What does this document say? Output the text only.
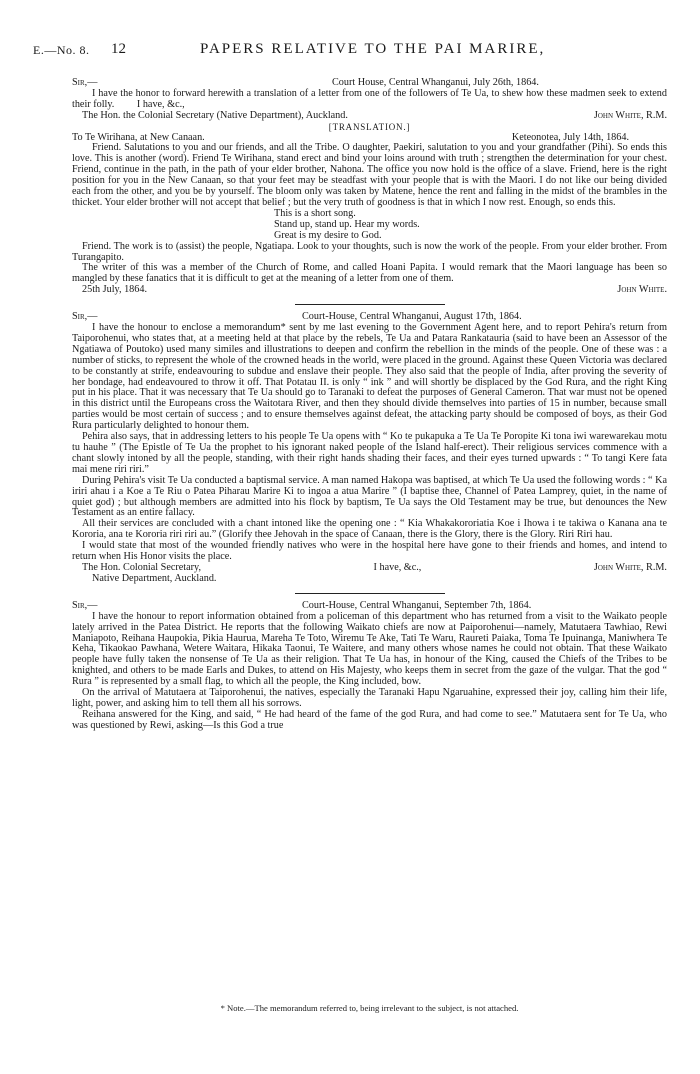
E.—No. 8. 12	PAPERS RELATIVE TO THE PAI MARIRE,
Sir,—	Court House, Central Whanganui, July 26th, 1864.

I have the honor to forward herewith a translation of a letter from one of the followers of Te Ua, to shew how these madmen seek to extend their folly. I have, &c.,

The Hon. the Colonial Secretary (Native Department), Auckland.	John White, R.M.
[TRANSLATION.]
To Te Wirihana, at New Canaan.	Keteonotea, July 14th, 1864.

Friend. Salutations to you and our friends, and all the Tribe. O daughter, Paekiri, salutation to you and your grandfather (Pihi). So ends this love. This is another (word). Friend Te Wirihana, stand erect and bind your loins around with truth ; strengthen the determination for your chest. Friend, continue in the path, in the path of your elder brother, Nahona. The office you now hold is the office of a slave. Friend, here is the right position for you in the New Canaan, so that your feet may be steadfast with your people that is with the Maori. I do not like our being divided each from the other, and you be by yourself. The bloom only was taken by Matene, hence the rent and falling in the midst of the brambles in the thicket. Your elder brother will not accept that belief ; but the very truth of goodness is that in which I now rest. Enough, so ends this.

This is a short song.
Stand up, stand up. Hear my words.
Great is my desire to God.

Friend. The work is to (assist) the people, Ngatiapa. Look to your thoughts, such is now the work of the people. From your elder brother. From Turangapito.

The writer of this was a member of the Church of Rome, and called Hoani Papita. I would remark that the Maori language has been so mangled by these fanatics that it is difficult to get at the meaning of a letter from one of them.

25th July, 1864.	John White.
Sir,—	Court-House, Central Whanganui, August 17th, 1864.

I have the honour to enclose a memorandum* sent by me last evening to the Government Agent here, and to report Pehira's return from Taiporohenui, who states that, at a meeting held at that place by the rebels, Te Ua and Patara Rankatauria (said to have been an Assessor of the Ngatiawa of Poutoko) used many similes and illustrations to deepen and confirm the rebellion in the minds of the people. One of these was : a number of sticks, to represent the whole of the crowned heads in the world, were placed in the ground. Against these Queen Victoria was declared to be constantly at strife, endeavouring to subdue and enslave their people. They also said that the people of India, after proving the severity of her bondage, had endeavoured to throw it off. That Potatau II. is only “ ink ” and will shortly be displaced by the God Rura, and the right King put in his place. That it was necessary that Te Ua should go to Taranaki to defeat the purposes of General Cameron. That war must not be opened in this district until the Europeans cross the Waitotara River, and then they should divide themselves into parties of 15 in number, because small parties would be most certain of success ; and to ensure themselves against defeat, the attacking party should be composed of boys, as their God Rura particularly delighted to honour them.

Pehira also says, that in addressing letters to his people Te Ua opens with “ Ko te pukapuka a Te Ua Te Poropite Ki tona iwi warewarekau motu tu hauhe ” (The Epistle of Te Ua the prophet to his ignorant naked people of the Island half-erect). Their religious services commence with a chant slowly intoned by all the people, standing, with their right hands shading their faces, and their eyes turned upwards : “ To tangi Kere fata mai mene riri riri.”

During Pehira's visit Te Ua conducted a baptismal service. A man named Hakopa was baptised, at which Te Ua used the following words : “ Ka iriri ahau i a Koe a Te Riu o Patea Piharau Marire Ki to ingoa a atua Marire ” (I baptise thee, Channel of Patea Lamprey, quiet, in the name of quiet god) ; but although members are admitted into his flock by baptism, Te Ua says the Old Testament may be true, but denounces the New Testament as an entire fallacy.

All their services are concluded with a chant intoned like the opening one : “ Kia Whakakororiatia Koe i Ihowa i te takiwa o Kanana ana te Kororia, ana te Kororia riri riri au.” (Glorify thee Jehovah in the space of Canaan, there is the Glory, there is the Glory. Riri Riri hau.

I would state that most of the wounded friendly natives who were in the hospital here have gone to their friends and homes, and intend to return when His Honor visits the place.

The Hon. Colonial Secretary,	I have, &c.,	John White, R.M.
Native Department, Auckland.
Sir,—	Court-House, Central Whanganui, September 7th, 1864.

I have the honour to report information obtained from a policeman of this department who has returned from a visit to the Waikato people lately arrived in the Patea District. He reports that the following Waikato chiefs are now at Paiporohenui—namely, Matutaera Tawhiao, Rewi Maniapoto, Reihana Haupokia, Pikia Haurua, Mareha Te Toto, Wiremu Te Ake, Tati Te Waru, Raureti Paiaka, Toma Te Ipuinanga, Maniwhera Te Keha, Tikaokao Pawhana, Wetere Waitara, Hikaka Taonui, Te Waitere, and many others whose names he could not obtain. That these Waikato people have fully taken the nonsense of Te Ua as their religion. That Te Ua has, in honour of the King, caused the Chiefs of the Tribes to be knighted, and others to be made Earls and Dukes, to attend on His Majesty, who keeps them in secret from the gaze of the vulgar. That the god “ Rura ” is represented by a small flag, to which all the people, the King included, bow.

On the arrival of Matutaera at Taiporohenui, the natives, especially the Taranaki Hapu Ngaruahine, expressed their joy, calling him their life, light, power, and asking him to tell them all his sorrows.

Reihana answered for the King, and said, “ He had heard of the fame of the god Rura, and had come to see.” Matutaera sent for Te Ua, who was questioned by Rewi, asking—Is this God a true

* Note.—The memorandum referred to, being irrelevant to the subject, is not attached.
